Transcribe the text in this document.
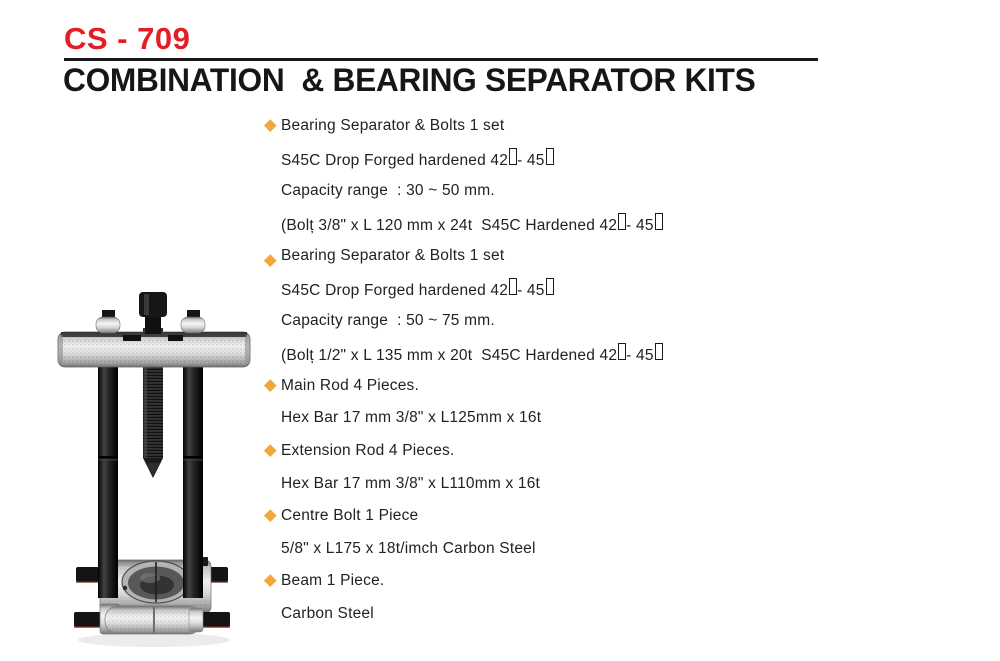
CS - 709
COMBINATION  & BEARING SEPARATOR KITS
Bearing Separator & Bolts 1 set
S45C Drop Forged hardened 42 - 45
Capacity range  : 30 ~ 50 mm.
(Bolț 3/8" x L 120 mm x 24t  S45C Hardened 42 - 45
Bearing Separator & Bolts 1 set
S45C Drop Forged hardened 42 - 45
Capacity range  : 50 ~ 75 mm.
(Bolț 1/2" x L 135 mm x 20t  S45C Hardened 42 - 45
Main Rod 4 Pieces.
Hex Bar 17 mm 3/8" x L125mm x 16t
Extension Rod 4 Pieces.
Hex Bar 17 mm 3/8" x L110mm x 16t
Centre Bolt 1 Piece
5/8" x L175 x 18t/imch Carbon Steel
Beam 1 Piece.
Carbon Steel
